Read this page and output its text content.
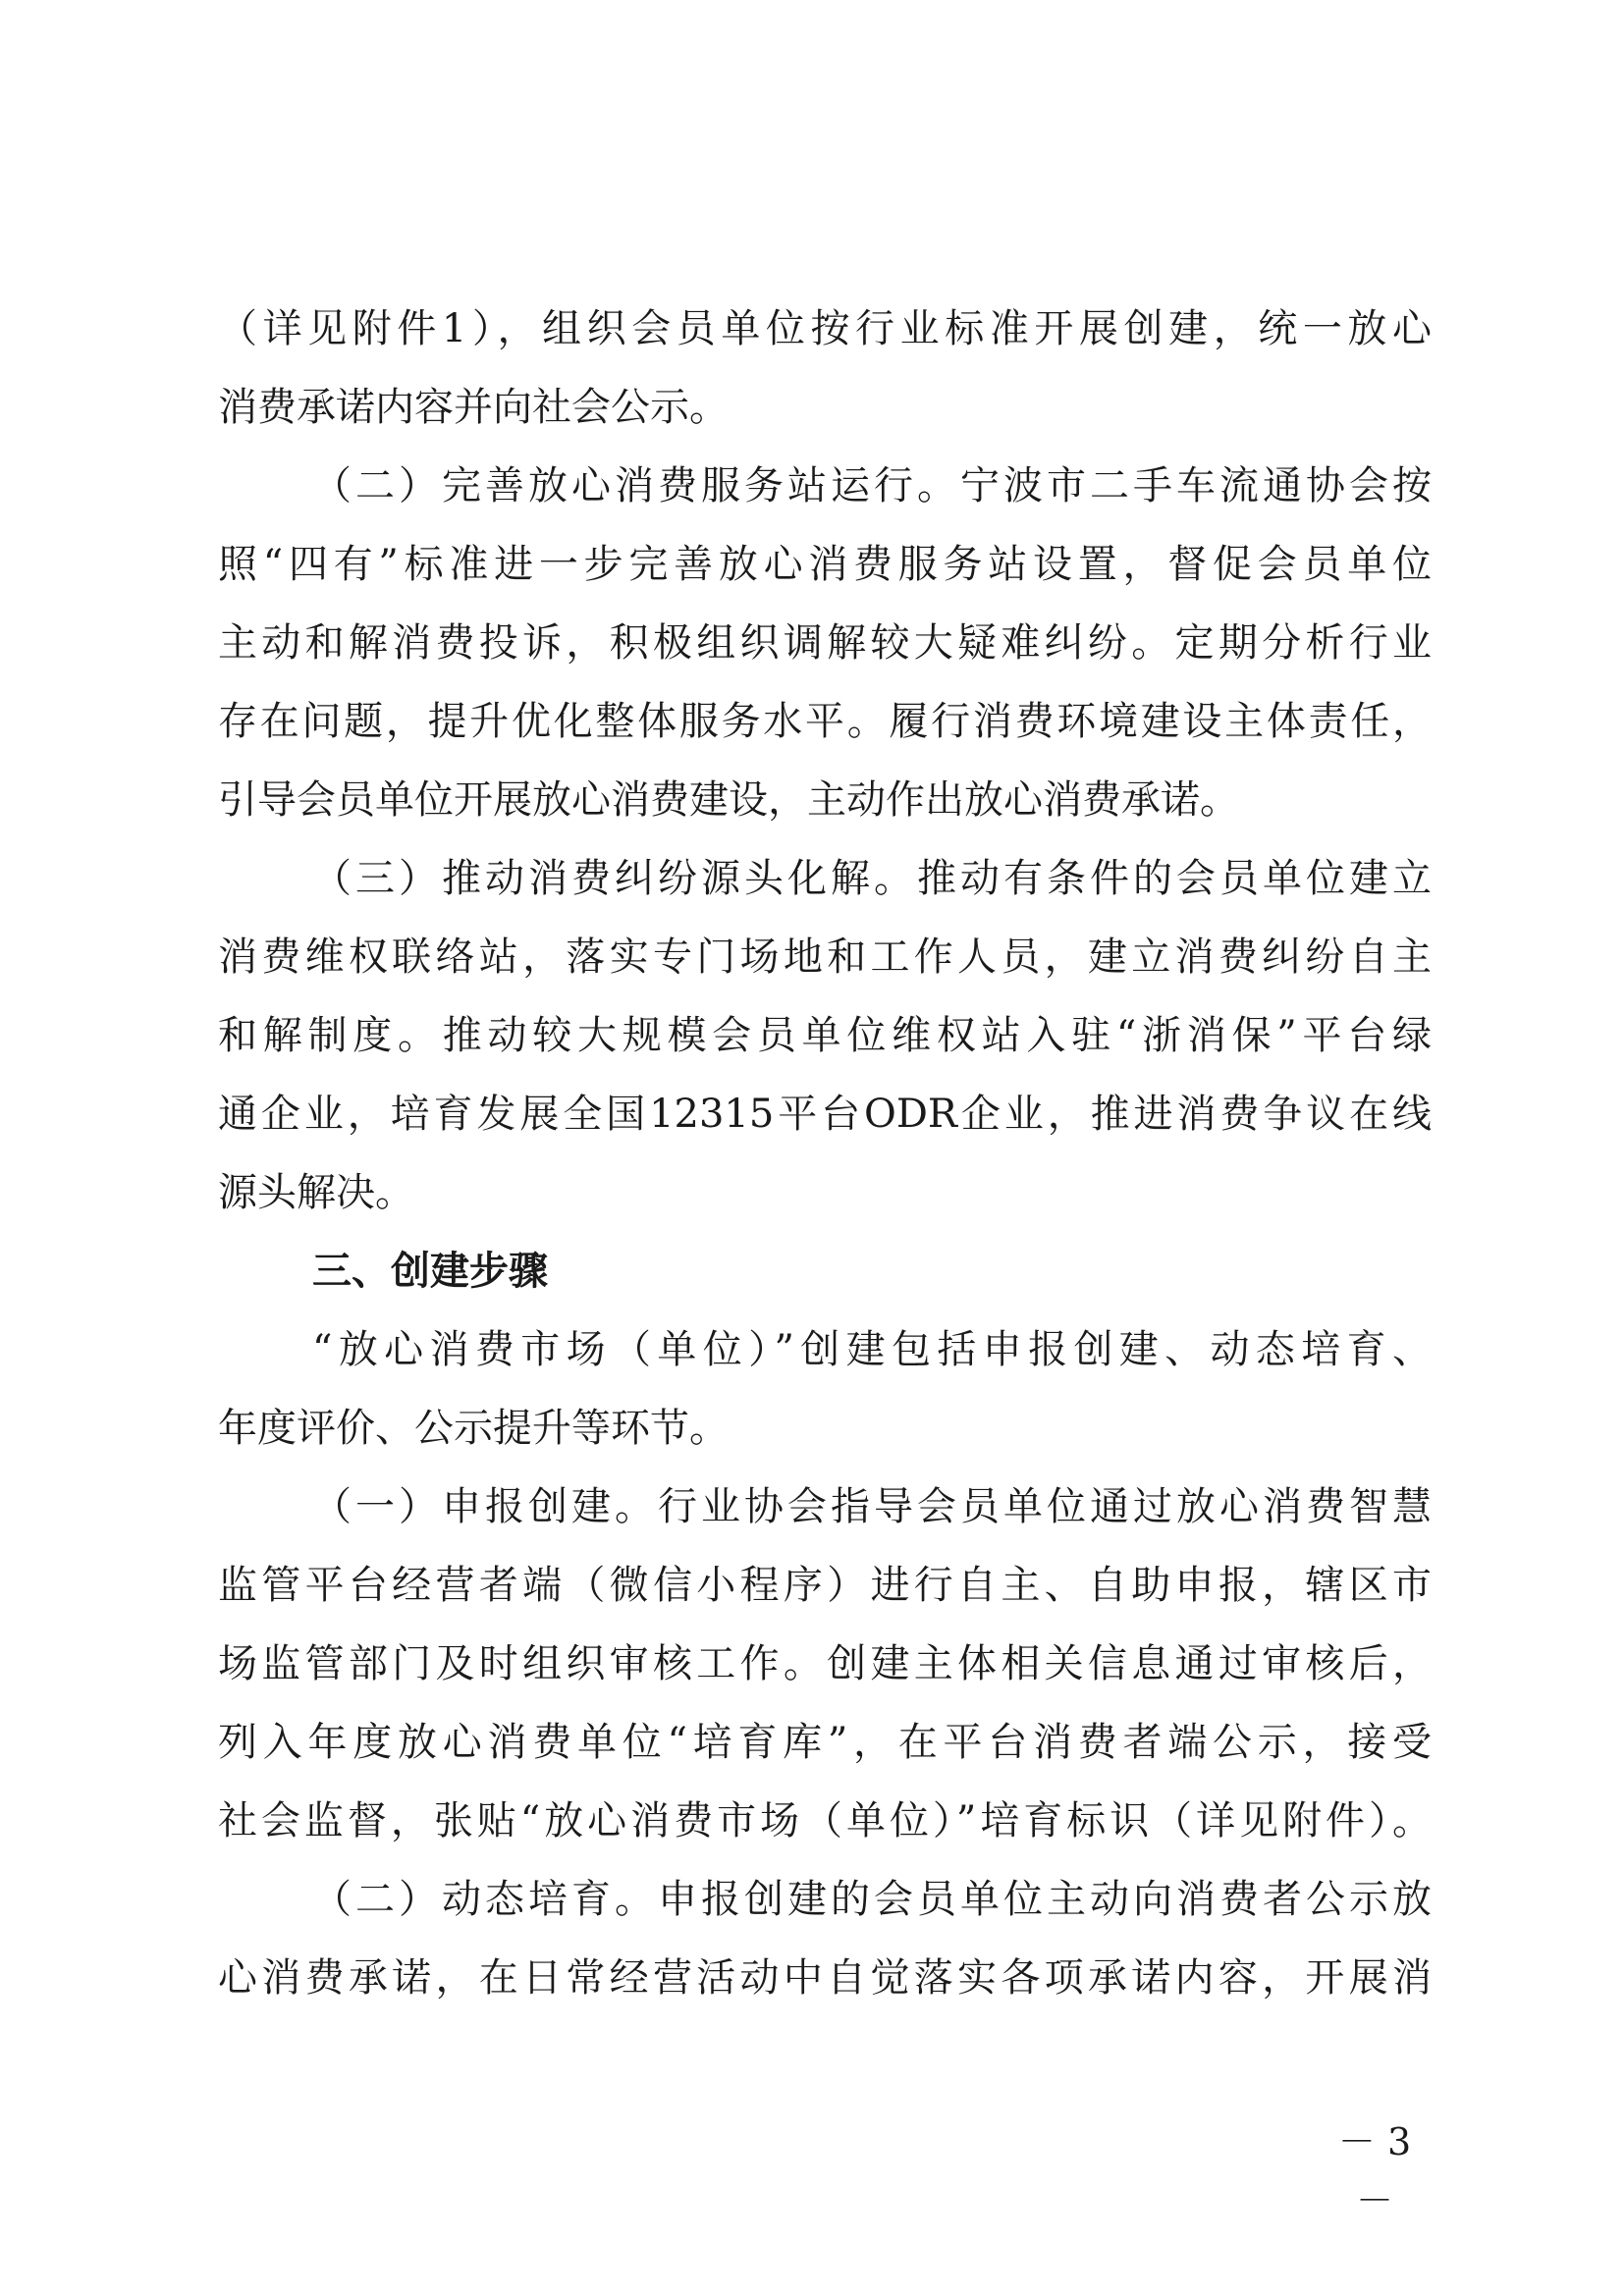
（详见附件1），组织会员单位按行业标准开展创建，统一放心
消费承诺内容并向社会公示。
（二）完善放心消费服务站运行。宁波市二手车流通协会按
照“四有”标准进一步完善放心消费服务站设置，督促会员单位
主动和解消费投诉，积极组织调解较大疑难纠纷。定期分析行业
存在问题，提升优化整体服务水平。履行消费环境建设主体责任，
引导会员单位开展放心消费建设，主动作出放心消费承诺。
（三）推动消费纠纷源头化解。推动有条件的会员单位建立
消费维权联络站，落实专门场地和工作人员，建立消费纠纷自主
和解制度。推动较大规模会员单位维权站入驻“浙消保”平台绿
通企业，培育发展全国12315平台ODR企业，推进消费争议在线
源头解决。
三、创建步骤
“放心消费市场（单位）”创建包括申报创建、动态培育、
年度评价、公示提升等环节。
（一）申报创建。行业协会指导会员单位通过放心消费智慧
监管平台经营者端（微信小程序）进行自主、自助申报，辖区市
场监管部门及时组织审核工作。创建主体相关信息通过审核后，
列入年度放心消费单位“培育库”，在平台消费者端公示，接受
社会监督，张贴“放心消费市场（单位）”培育标识（详见附件）。
（二）动态培育。申报创建的会员单位主动向消费者公示放
心消费承诺，在日常经营活动中自觉落实各项承诺内容，开展消
－ 3 －
